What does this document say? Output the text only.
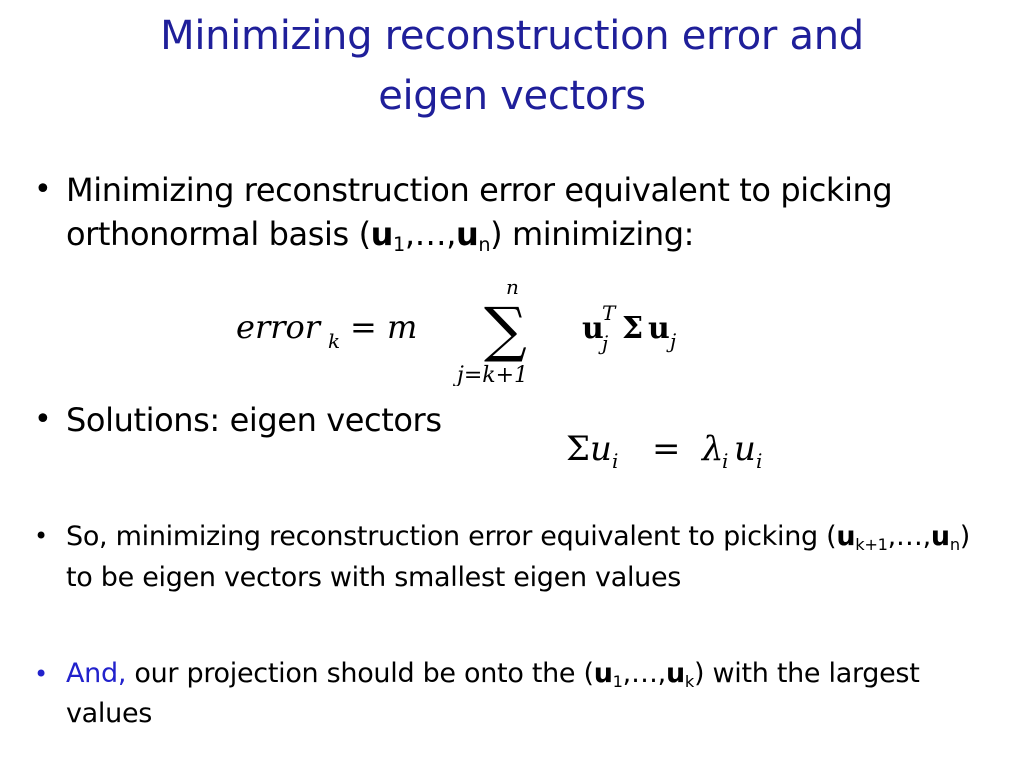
Minimizing reconstruction error and
eigen vectors
• Minimizing reconstruction error equivalent to picking orthonormal basis $(u_1,\dots,u_n)$ minimizing:
error k = m
n
∑
j=k+1
u
T
j Σ u j
• Solutions: eigen vectors
Σ u i = λ
i u i
• So, minimizing reconstruction error equivalent to picking $(u_{k+1},\dots,u_n)$ to be eigen vectors with smallest eigen values
• And, our projection should be onto the $(u_1,\dots,u_k)$ with the largest values
